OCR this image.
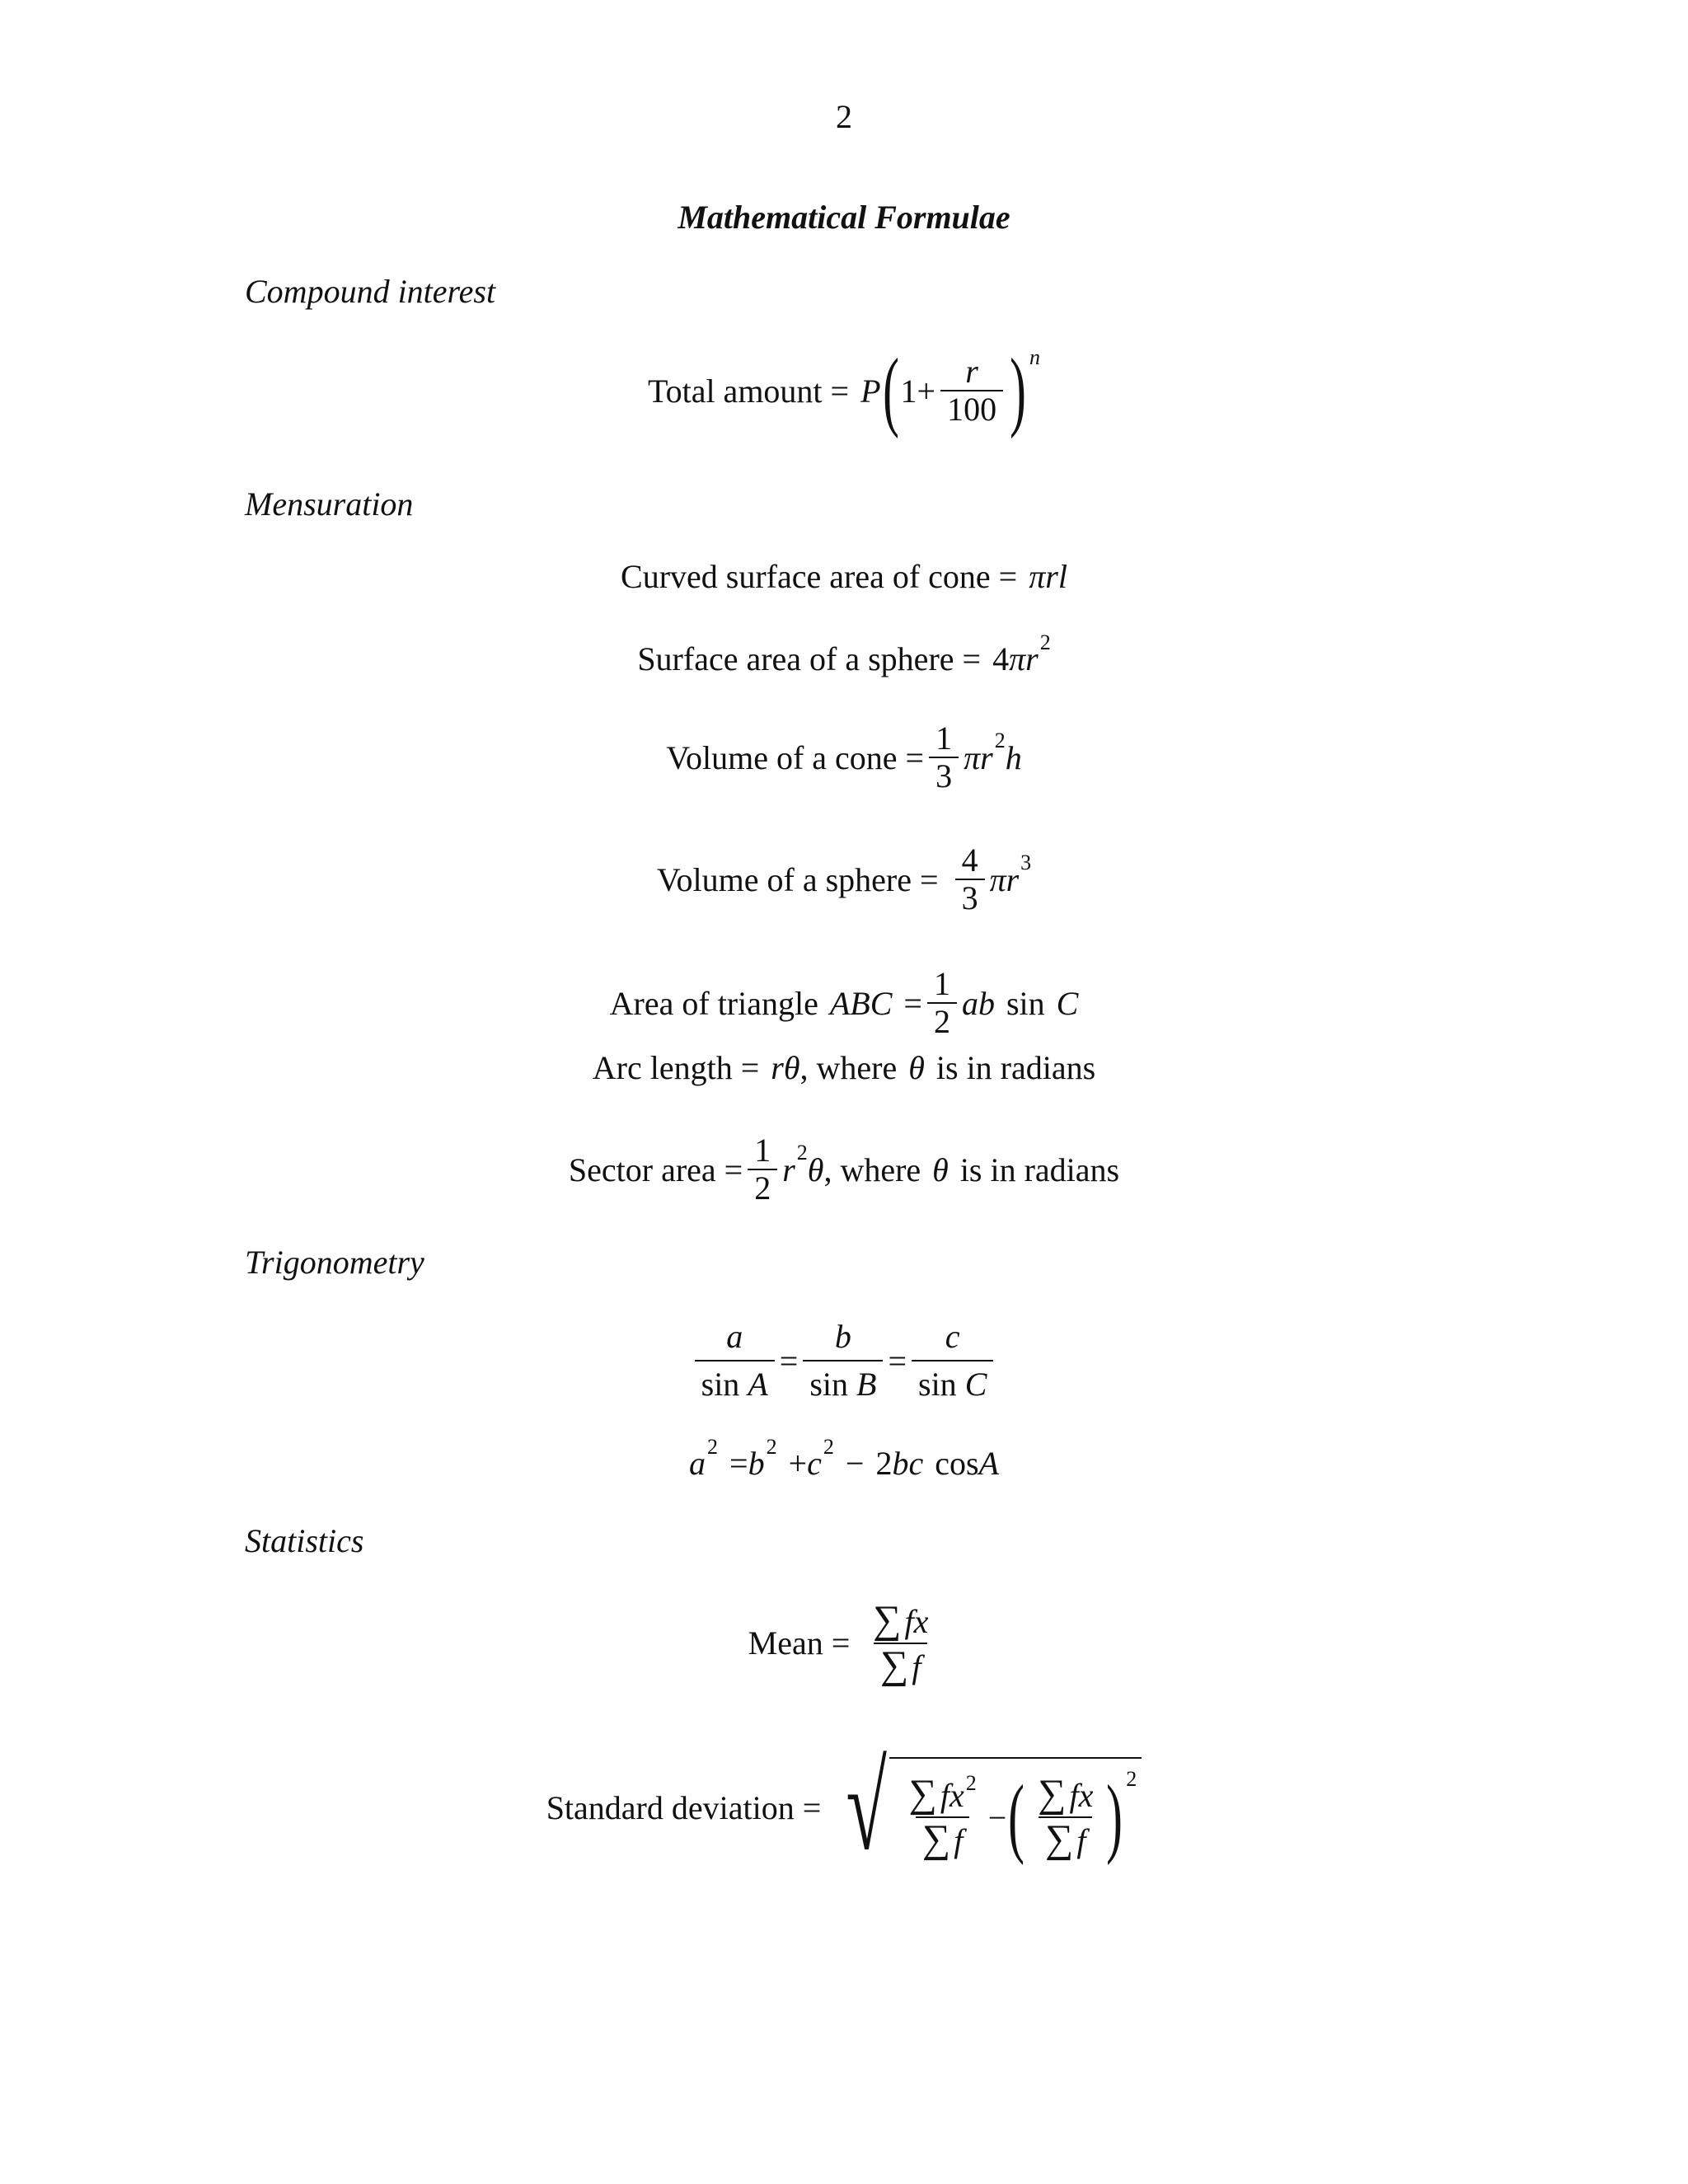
2
Mathematical Formulae
Compound interest
Total amount = P ( $1 + \frac{r}{100}$ ) n
Mensuration
Curved surface area of cone = πrl
Surface area of a sphere = 4 πr 2
Volume of a cone = $\frac{1}{3}$ πr 2 h
Volume of a sphere = $\frac{4}{3}$ πr 3
Area of triangle ABC = $\frac{1}{2}$ ab sin C
Arc length = rθ , where θ is in radians
Sector area = $\frac{1}{2}$ r 2 θ , where θ is in radians
Trigonometry
$\frac{a}{\text{sin A}} = \frac{b}{\text{sin B}} = \frac{c}{\text{sin C}}$
a 2 = b 2 + c 2 − 2 bc cos A
Statistics
Mean = $\frac{\sum fx}{\sum f}$
Standard deviation = √ $\frac{\sum fx^2}{\sum f}$ − ( $\frac{\sum fx}{\sum f}$ ) 2
